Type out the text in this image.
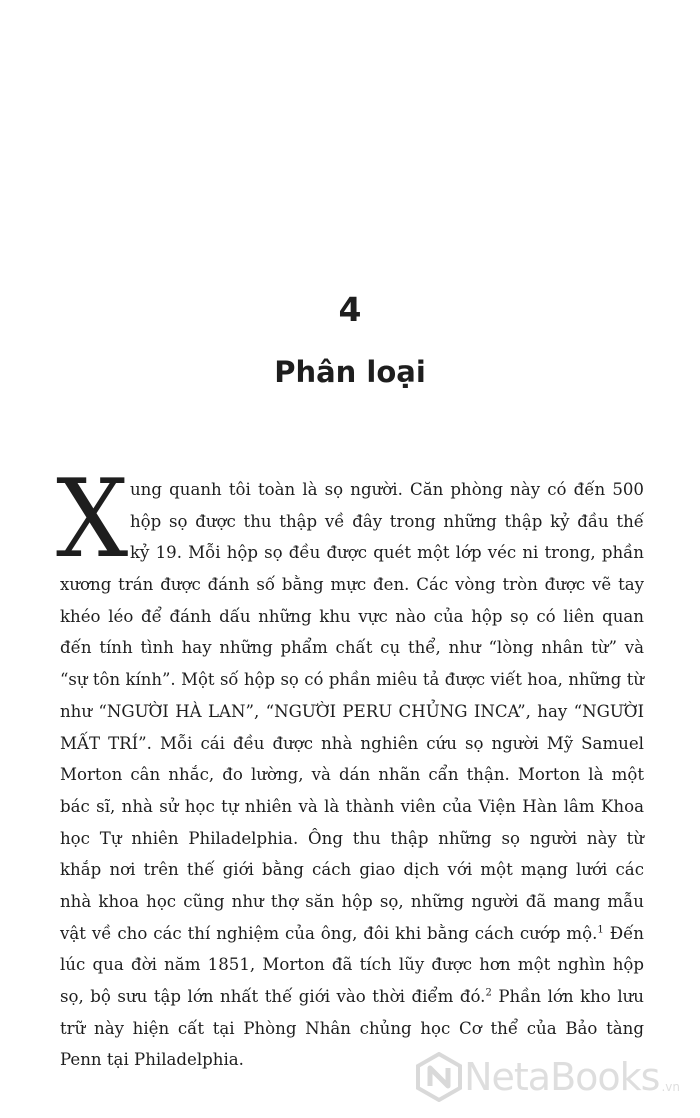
4
Phân loại
X ung quanh tôi toàn là sọ người. Căn phòng này có đến 500
hộp sọ được thu thập về đây trong những thập kỷ đầu thế
kỷ 19. Mỗi hộp sọ đều được quét một lớp véc ni trong, phần
xương trán được đánh số bằng mực đen. Các vòng tròn được vẽ tay
khéo léo để đánh dấu những khu vực nào của hộp sọ có liên quan
đến tính tình hay những phẩm chất cụ thể, như “lòng nhân từ” và
“sự tôn kính”. Một số hộp sọ có phần miêu tả được viết hoa, những từ
như “NGƯỜI HÀ LAN”, “NGƯỜI PERU CHỦNG INCA”, hay “NGƯỜI
MẤT TRÍ”. Mỗi cái đều được nhà nghiên cứu sọ người Mỹ Samuel
Morton cân nhắc, đo lường, và dán nhãn cẩn thận. Morton là một
bác sĩ, nhà sử học tự nhiên và là thành viên của Viện Hàn lâm Khoa
học Tự nhiên Philadelphia. Ông thu thập những sọ người này từ
khắp nơi trên thế giới bằng cách giao dịch với một mạng lưới các
nhà khoa học cũng như thợ săn hộp sọ, những người đã mang mẫu
vật về cho các thí nghiệm của ông, đôi khi bằng cách cướp mộ.$^1$ Đến
lúc qua đời năm 1851, Morton đã tích lũy được hơn một nghìn hộp
sọ, bộ sưu tập lớn nhất thế giới vào thời điểm đó.$^2$ Phần lớn kho lưu
trữ này hiện cất tại Phòng Nhân chủng học Cơ thể của Bảo tàng
Penn tại Philadelphia.	NetaBooks .vn
